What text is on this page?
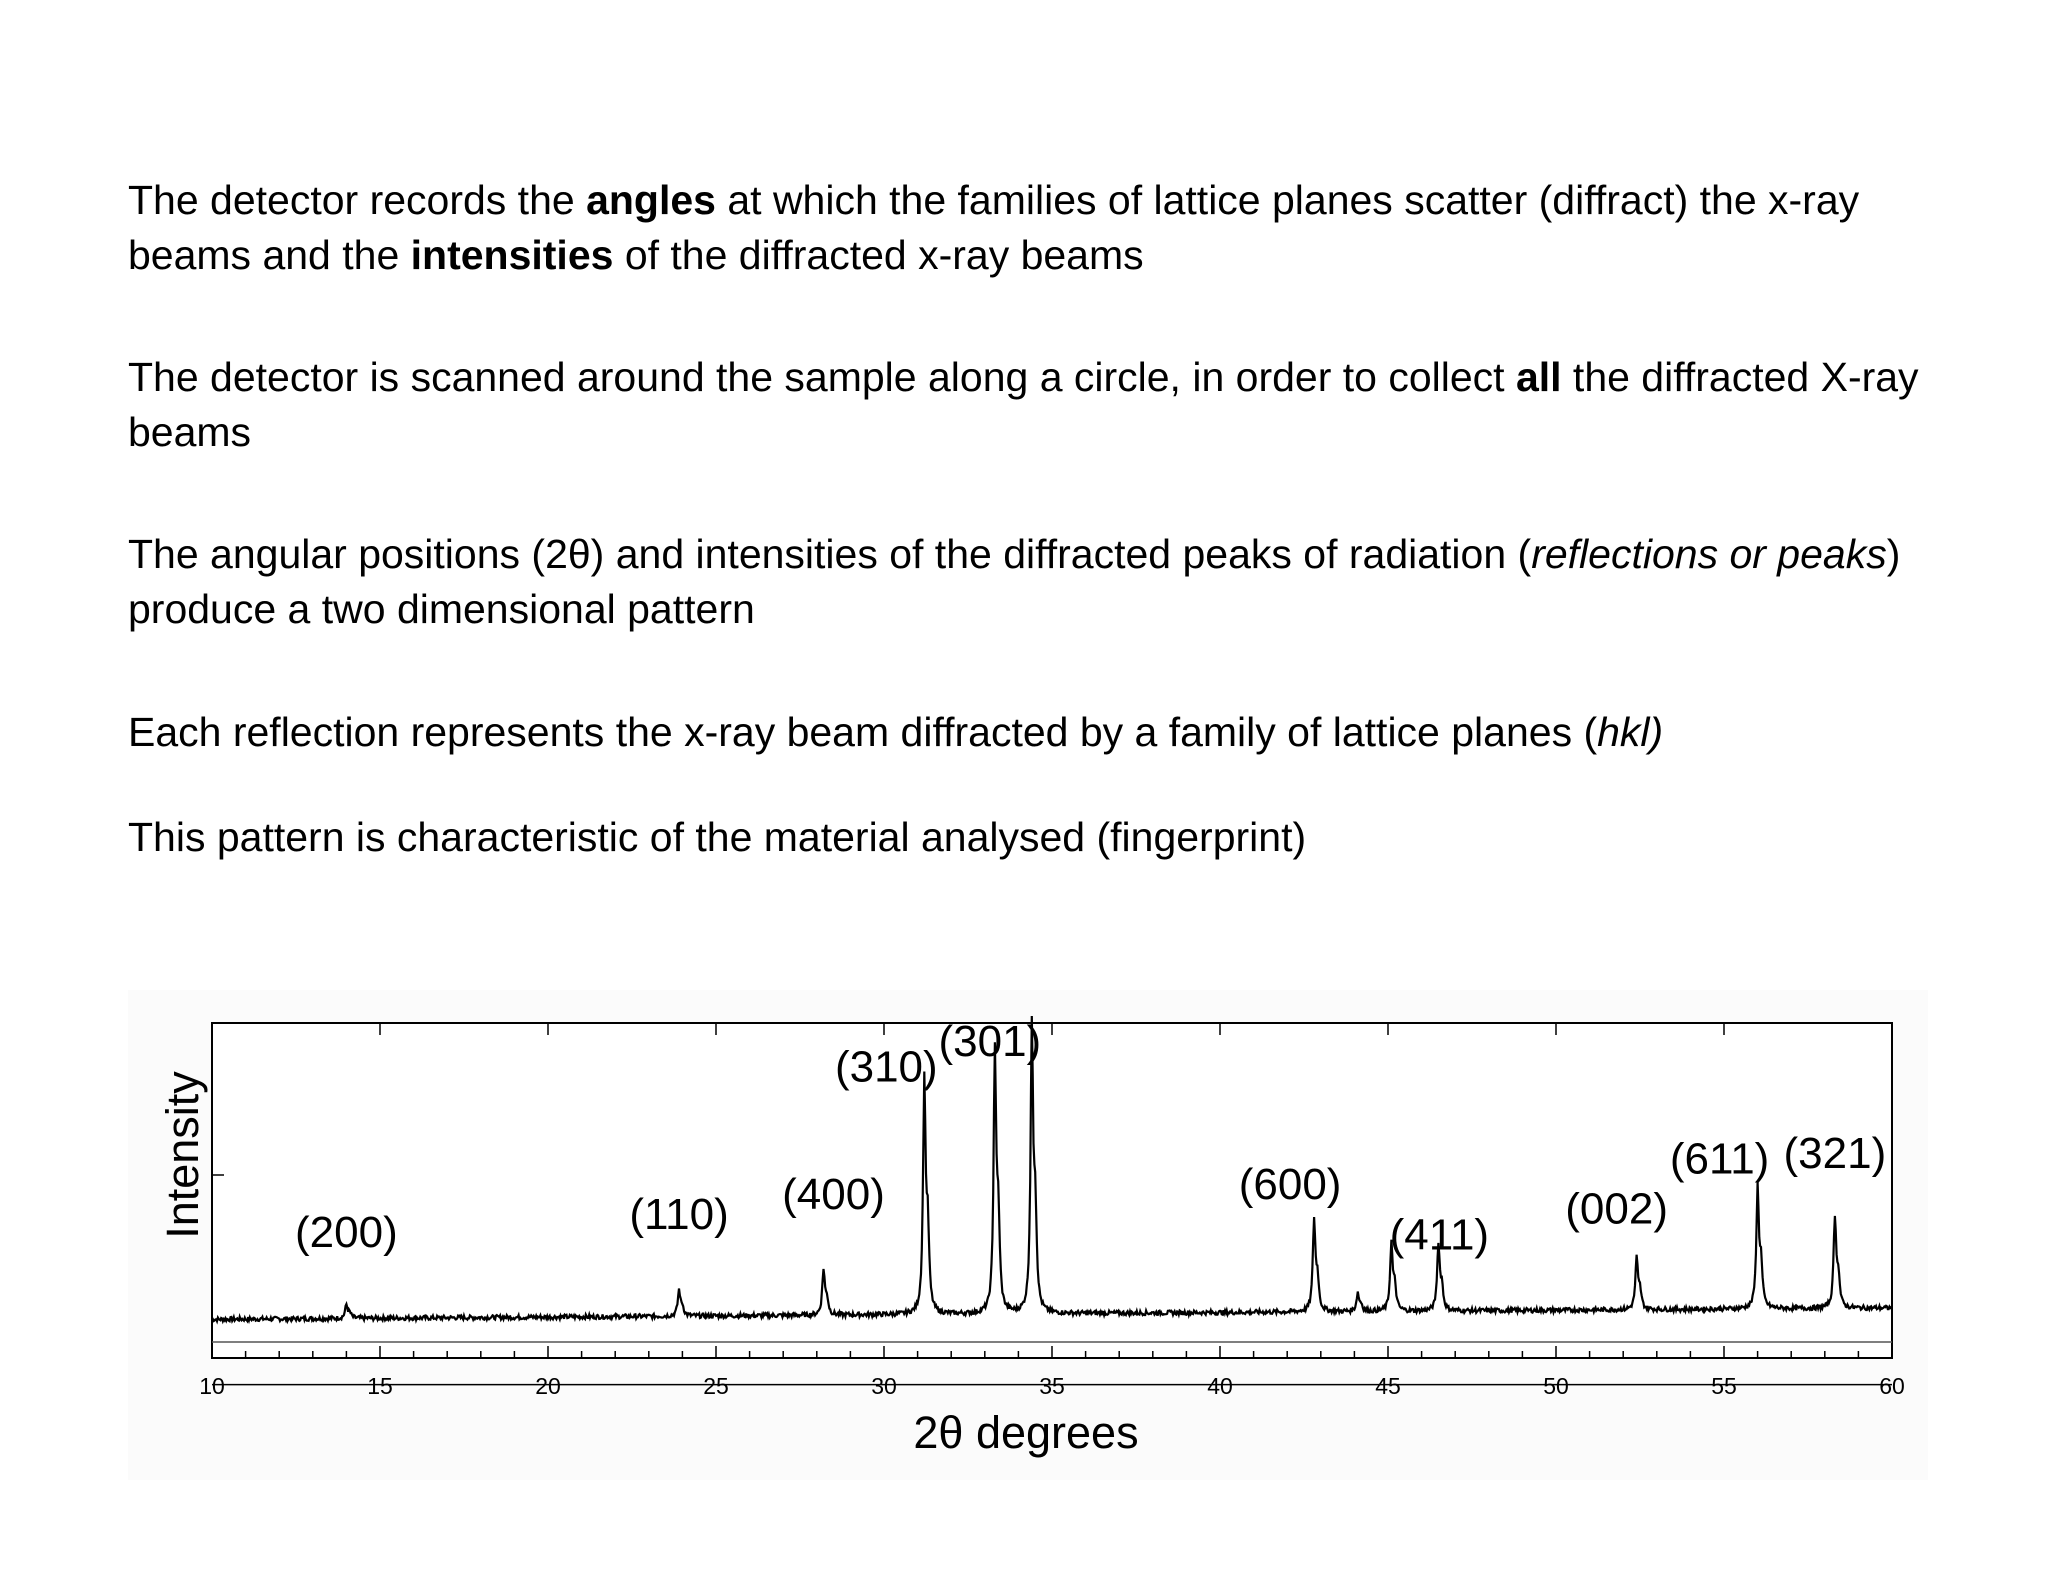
The detector records the angles at which the families of lattice planes scatter (diffract) the x-ray beams and the intensities of the diffracted x-ray beams

The detector is scanned around the sample along a circle, in order to collect all the diffracted X-ray beams

The angular positions (2θ) and intensities of the diffracted peaks of radiation (reflections or peaks) produce a two dimensional pattern

Each reflection represents the x-ray beam diffracted by a family of lattice planes (hkl)

This pattern is characteristic of the material analysed (fingerprint)

10	15	20	25	30	35	40	45	50	55	60
(200)	(110) (400)
(310)
(301)
(600)
(411)
(002)
(611) (321)
2θ degrees
Intensity
